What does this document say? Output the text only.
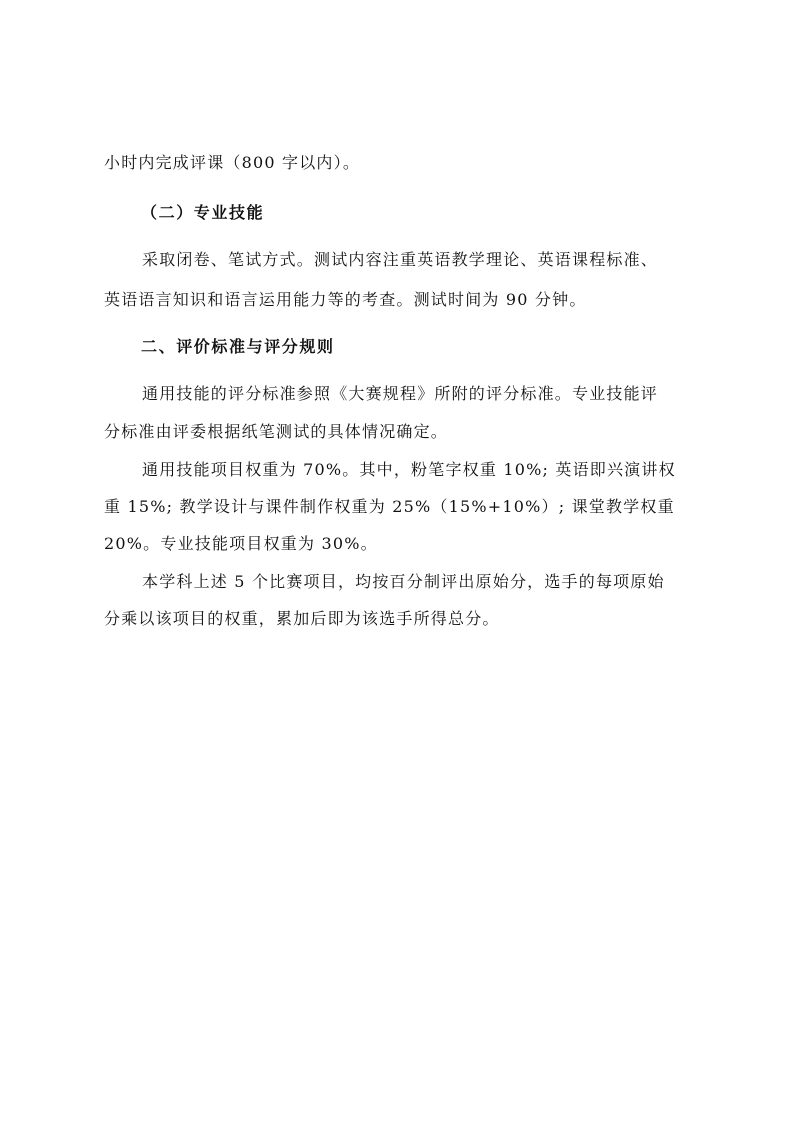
小时内完成评课（800 字以内）。
（二）专业技能
采取闭卷、笔试方式。测试内容注重英语教学理论、英语课程标准、
英语语言知识和语言运用能力等的考查。测试时间为 90 分钟。
二、评价标准与评分规则
通用技能的评分标准参照《大赛规程》所附的评分标准。专业技能评
分标准由评委根据纸笔测试的具体情况确定。
通用技能项目权重为 70%。其中，粉笔字权重 10%; 英语即兴演讲权
重 15%; 教学设计与课件制作权重为 25%（15%+10%）; 课堂教学权重
20%。专业技能项目权重为 30%。
本学科上述 5 个比赛项目，均按百分制评出原始分，选手的每项原始
分乘以该项目的权重，累加后即为该选手所得总分。
